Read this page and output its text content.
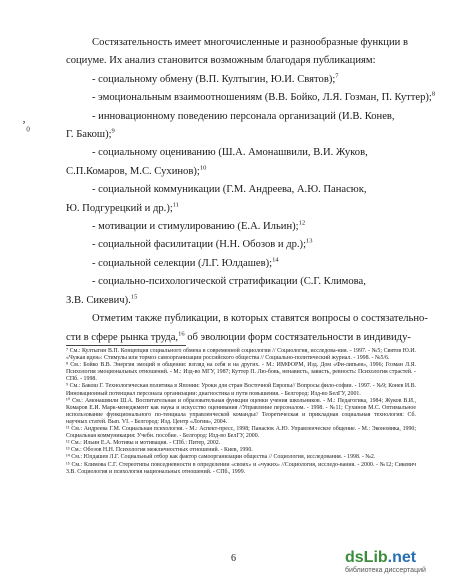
ʼ₀
Состязательность имеет многочисленные и разнообразные функции в
социуме. Их анализ становится возможным благодаря публикациям:
- социальному обмену (В.П. Култыгин, Ю.И. Святов);$^7$
- эмоциональным взаимоотношениям (В.В. Бойко, Л.Я. Гозман, П. Куттер);$^8$
- инновационному поведению персонала организаций (И.В. Конев,
Г. Бакош);$^9$
- социальному оцениванию (Ш.А. Амонашвили, В.И. Жуков,
С.П.Комаров, М.С. Сухинов);$^{10}$
- социальной коммуникации (Г.М. Андреева, А.Ю. Панасюк,
Ю. Подгурецкий и др.);$^{11}$
- мотивации и стимулированию (Е.А. Ильин);$^{12}$
- социальной фасилитации (Н.Н. Обозов и др.);$^{13}$
- социальной селекции (Л.Г. Юлдашев);$^{14}$
- социально-психологической стратификации (С.Г. Климова,
З.В. Сикевич).$^{15}$
Отметим также публикации, в которых ставятся вопросы о состязательно-
сти в сфере рынка труда,$^{16}$ об эволюции форм состязательности в индивиду-

⁷ См.: Култыгин В.П. Концепция социального обмена в современной социологии // Социология, исследова-ния. - 1997. - №5; Святов Ю.И. «Чужая идея»: Стимулы или тормоз самоорганизации российского общества // Социально-политический журнал. - 1998. - №5/6.

⁸ См.: Бойко В.В. Энергия эмоций в общении: взгляд на себя и на других. - М.: ИМФОРМ, Изд. Дом «Фи-липьев», 1996; Гозман Л.Я. Психология эмоциональных отношений. - М.: Изд-во МГУ, 1987; Куттер П. Лю-бовь, ненависть, зависть, ревность: Психология страстей. - СПб. - 1998.

⁹ См.: Бакош Г. Технологическая политика в Японии: Уроки для стран Восточной Европы// Вопросы фило-софии. - 1997. - №9; Конев И.В. Инновационный потенциал персонала организации: диагностика и пути повышения. - Белгород: Изд-во БелГУ, 2001.

¹⁰ См.: Амонашвили Ш.А. Воспитательная и образовательная функция оценки учения школьников. - М.: Педагогика, 1984; Жуков В.И., Комаров Е.И. Марк-менеджмент как наука и искусство оценивания //Управление персоналом. - 1998. - №11; Сухинов М.С. Оптимальное использование функционального по-тенциала управленческой команды// Теоретическая и прикладная социальная технология: Сб. научных статей. Вып. VI. - Белгород: Изд. Центр «Логия», 2004.

¹¹ См.: Андреева Г.М. Социальная психология. - М.: Аспект-пресс, 1998; Панасюк А.Ю. Управленческое общение. - М.: Экономика, 1990; Социальная коммуникация: Учебн. пособие. - Белгород: Изд-во БелГУ, 2000.

¹² См.: Ильин Е.А. Мотивы и мотивация. - СПб.: Питер, 2002.

¹³ См.: Обозов Н.Н. Психология межличностных отношений. - Киев, 1990.

¹⁴ См.: Юлдашев Л.Г. Социальный отбор как фактор самоорганизации общества // Социология, исследования. - 1998. - №2.

¹⁵ См.: Климова С.Г. Стереотипы повседневности в определении «своих» и «чужих» //Социология, исследо-вания. - 2000. - №12; Сикевич З.В. Социология и психология национальных отношений. - СПб., 1999.

6	dsLib.net
библиотека диссертаций
